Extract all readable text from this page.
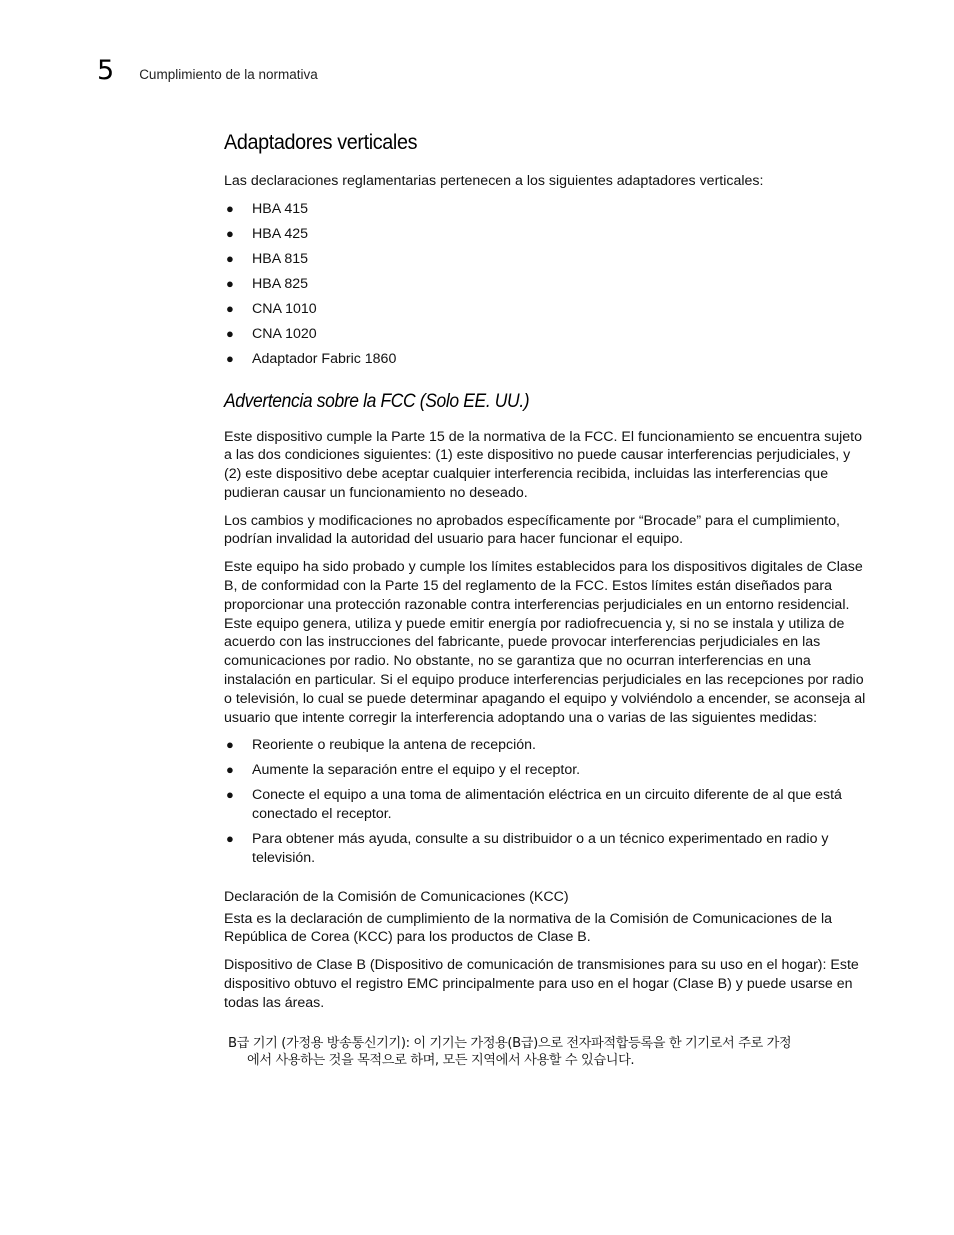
5 Cumplimiento de la normativa
Adaptadores verticales

Las declaraciones reglamentarias pertenecen a los siguientes adaptadores verticales:

● HBA 415
● HBA 425
● HBA 815
● HBA 825
● CNA 1010
● CNA 1020
● Adaptador Fabric 1860
Advertencia sobre la FCC (Solo EE. UU.)

Este dispositivo cumple la Parte 15 de la normativa de la FCC. El funcionamiento se encuentra sujeto a las dos condiciones siguientes: (1) este dispositivo no puede causar interferencias perjudiciales, y (2) este dispositivo debe aceptar cualquier interferencia recibida, incluidas las interferencias que pudieran causar un funcionamiento no deseado.

Los cambios y modificaciones no aprobados específicamente por “Brocade” para el cumplimiento, podrían invalidad la autoridad del usuario para hacer funcionar el equipo.

Este equipo ha sido probado y cumple los límites establecidos para los dispositivos digitales de Clase B, de conformidad con la Parte 15 del reglamento de la FCC. Estos límites están diseñados para proporcionar una protección razonable contra interferencias perjudiciales en un entorno residencial. Este equipo genera, utiliza y puede emitir energía por radiofrecuencia y, si no se instala y utiliza de acuerdo con las instrucciones del fabricante, puede provocar interferencias perjudiciales en las comunicaciones por radio. No obstante, no se garantiza que no ocurran interferencias en una instalación en particular. Si el equipo produce interferencias perjudiciales en las recepciones por radio o televisión, lo cual se puede determinar apagando el equipo y volviéndolo a encender, se aconseja al usuario que intente corregir la interferencia adoptando una o varias de las siguientes medidas:

● Reoriente o reubique la antena de recepción.
● Aumente la separación entre el equipo y el receptor.
● Conecte el equipo a una toma de alimentación eléctrica en un circuito diferente de al que está conectado el receptor.
● Para obtener más ayuda, consulte a su distribuidor o a un técnico experimentado en radio y televisión.
Declaración de la Comisión de Comunicaciones (KCC)

Esta es la declaración de cumplimiento de la normativa de la Comisión de Comunicaciones de la República de Corea (KCC) para los productos de Clase B.

Dispositivo de Clase B (Dispositivo de comunicación de transmisiones para su uso en el hogar): Este dispositivo obtuvo el registro EMC principalmente para uso en el hogar (Clase B) y puede usarse en todas las áreas.

B급 기기 (가정용 방송통신기기): 이 기기는 가정용(B급)으로 전자파적합등록을 한 기기로서 주로 가정
에서 사용하는 것을 목적으로 하며, 모든 지역에서 사용할 수 있습니다.
